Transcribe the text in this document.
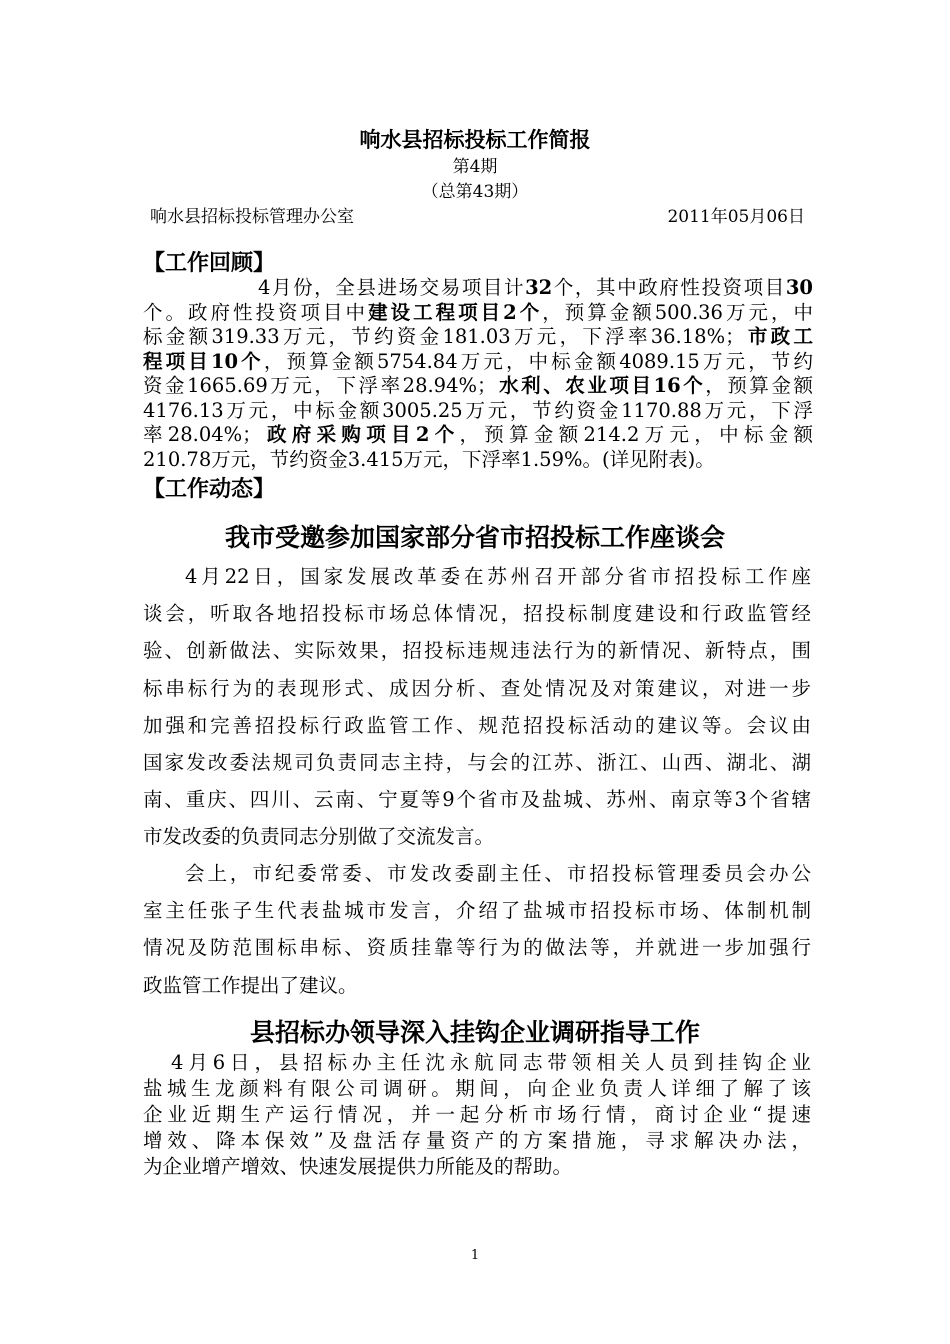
响水县招标投标工作简报
第4期
（总第43期）
响水县招标投标管理办公室	2011年05月06日
【工作回顾】
4月份，全县进场交易项目计32个，其中政府性投资项目30
个。政府性投资项目中建设工程项目2个，预算金额500.36万元，中
标金额319.33万元，节约资金181.03万元，下浮率36.18%；市政工
程项目10个，预算金额5754.84万元，中标金额4089.15万元，节约
资金1665.69万元，下浮率28.94%；水利、农业项目16个，预算金额
4176.13万元，中标金额3005.25万元，节约资金1170.88万元，下浮
率28.04%；政府采购项目2个，预算金额214.2万元，中标金额
210.78万元，节约资金3.415万元，下浮率1.59%。(详见附表)。
【工作动态】
我市受邀参加国家部分省市招投标工作座谈会
4月22日，国家发展改革委在苏州召开部分省市招投标工作座
谈会，听取各地招投标市场总体情况，招投标制度建设和行政监管经
验、创新做法、实际效果，招投标违规违法行为的新情况、新特点，围
标串标行为的表现形式、成因分析、查处情况及对策建议，对进一步
加强和完善招投标行政监管工作、规范招投标活动的建议等。会议由
国家发改委法规司负责同志主持，与会的江苏、浙江、山西、湖北、湖
南、重庆、四川、云南、宁夏等9个省市及盐城、苏州、南京等3个省辖
市发改委的负责同志分别做了交流发言。
会上，市纪委常委、市发改委副主任、市招投标管理委员会办公
室主任张子生代表盐城市发言，介绍了盐城市招投标市场、体制机制
情况及防范围标串标、资质挂靠等行为的做法等，并就进一步加强行
政监管工作提出了建议。
县招标办领导深入挂钩企业调研指导工作
4月6日，县招标办主任沈永航同志带领相关人员到挂钩企业
盐城生龙颜料有限公司调研。期间，向企业负责人详细了解了该
企业近期生产运行情况，并一起分析市场行情，商讨企业“提速
增效、降本保效”及盘活存量资产的方案措施，寻求解决办法，
为企业增产增效、快速发展提供力所能及的帮助。
1
